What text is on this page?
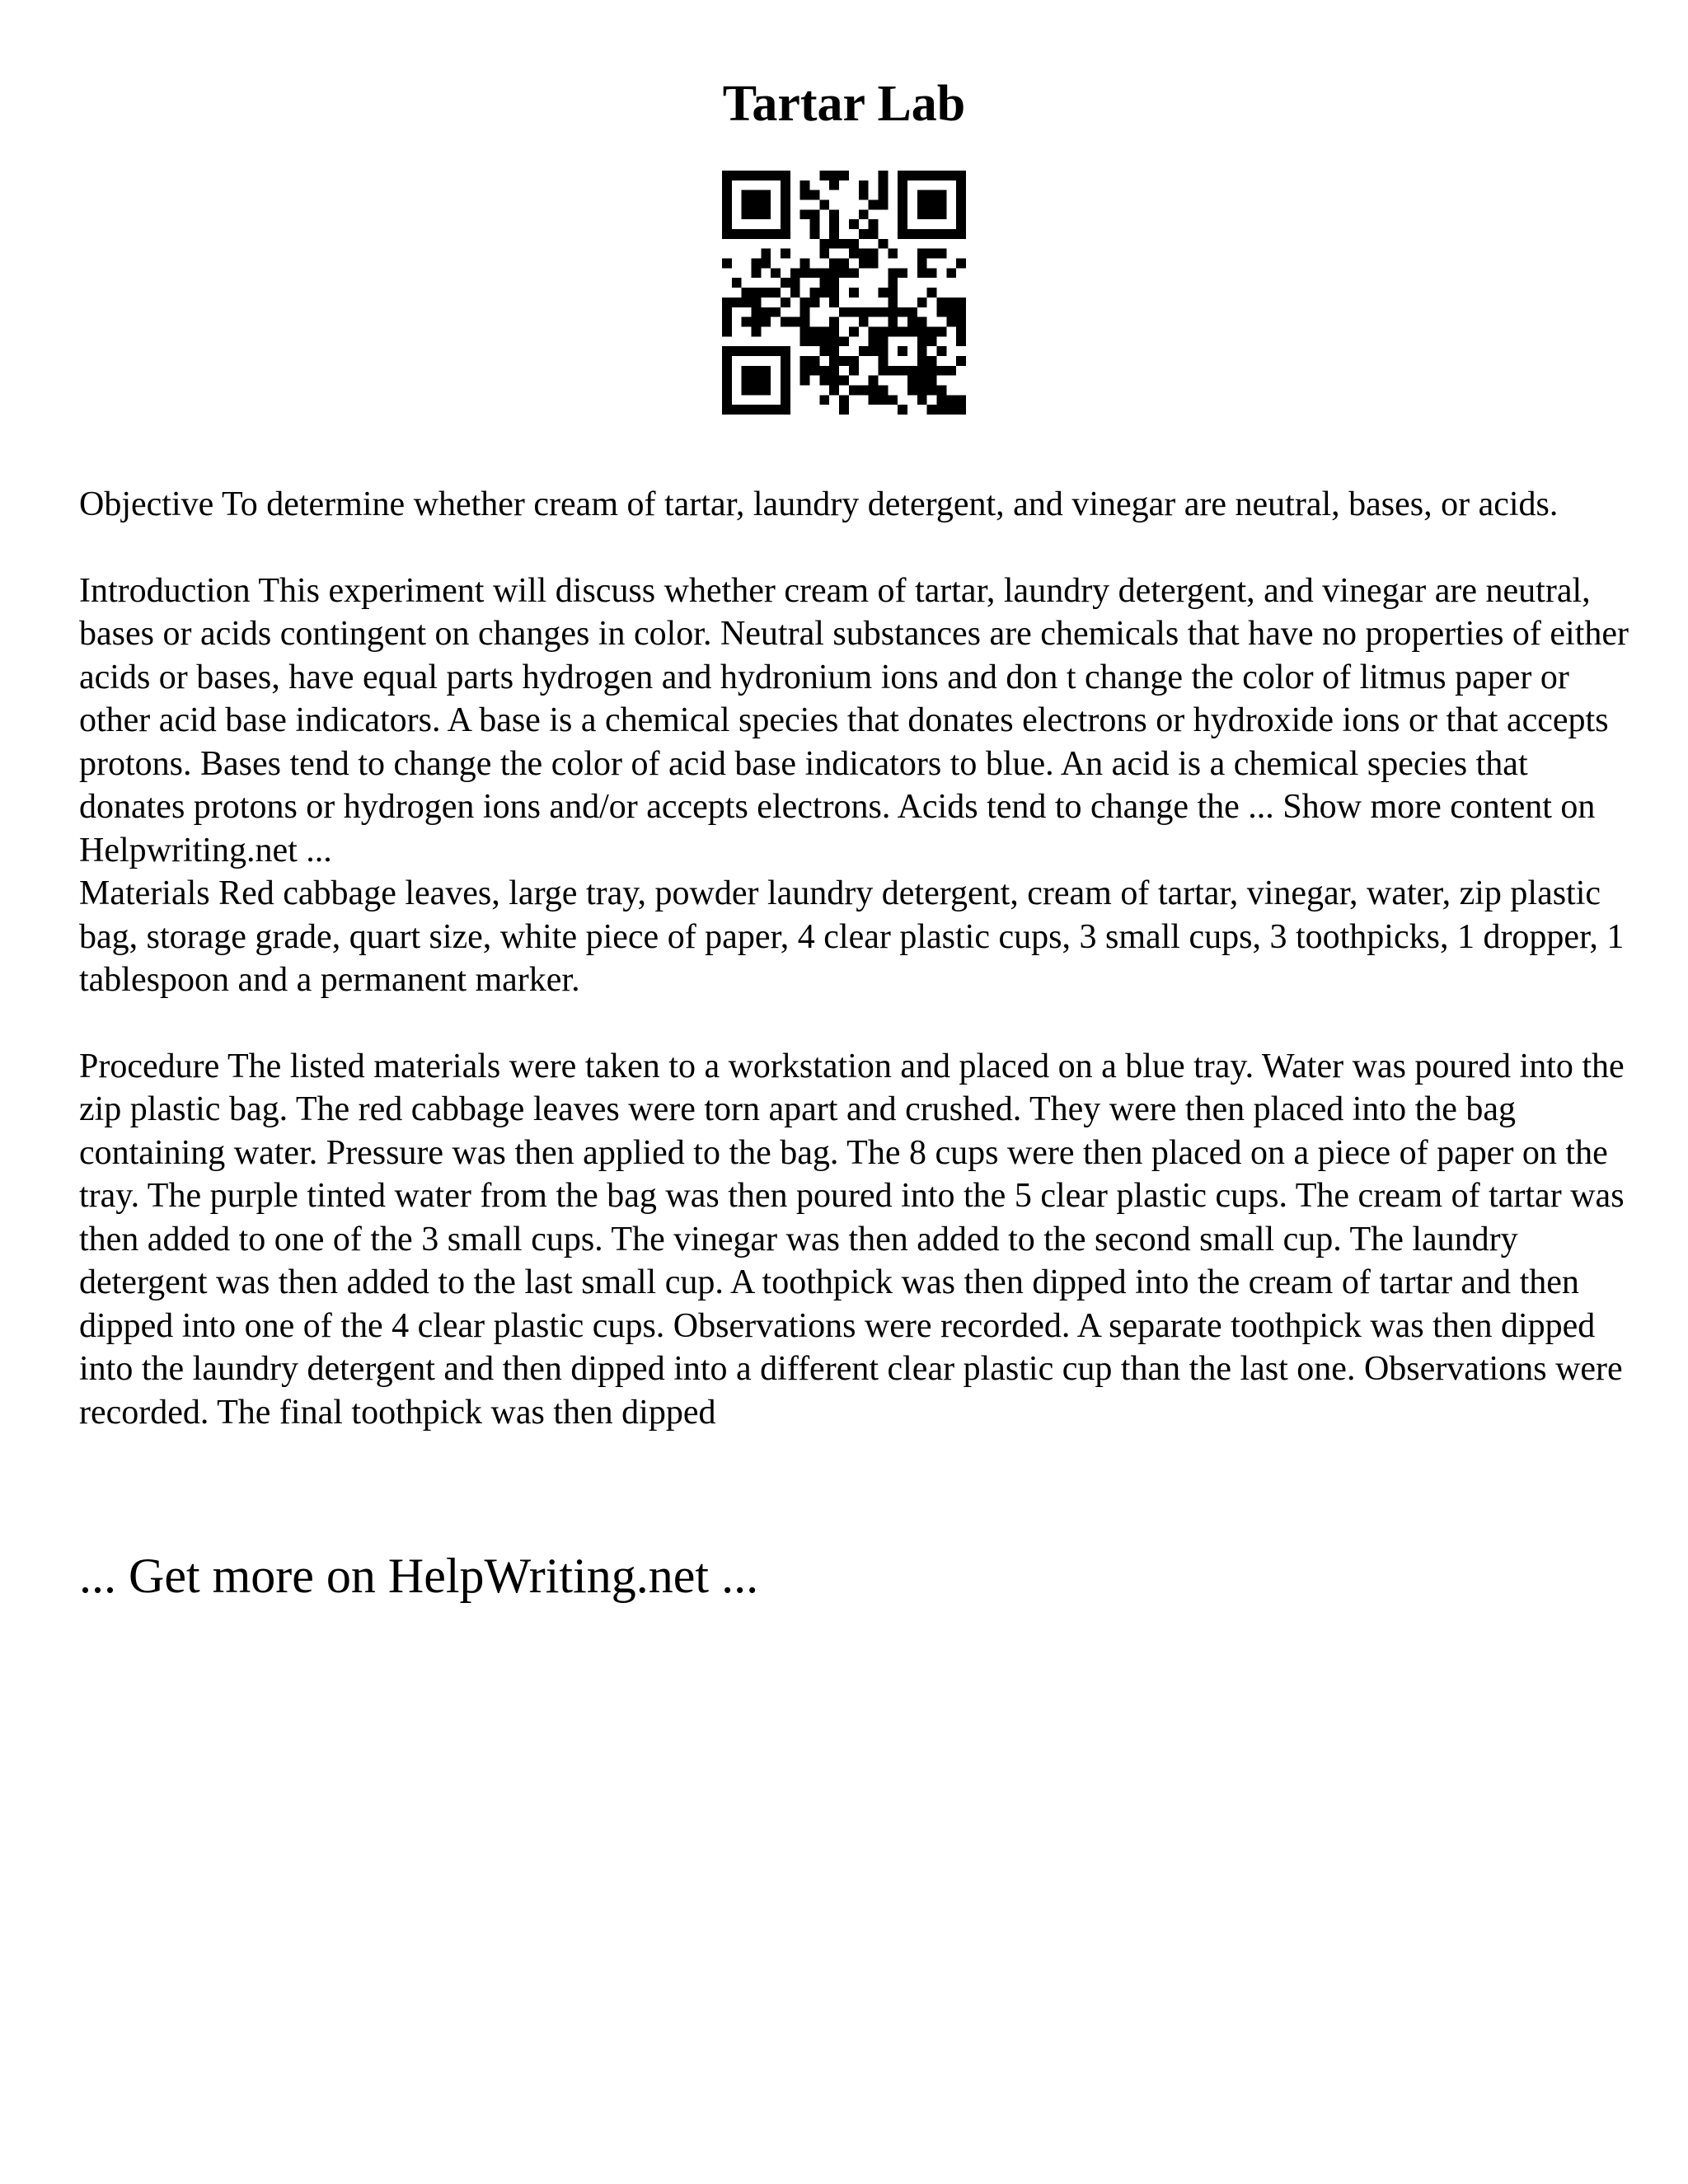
Tartar Lab

Objective To determine whether cream of tartar, laundry detergent, and vinegar are neutral, bases, or acids.

Introduction This experiment will discuss whether cream of tartar, laundry detergent, and vinegar are neutral, bases or acids contingent on changes in color. Neutral substances are chemicals that have no properties of either acids or bases, have equal parts hydrogen and hydronium ions and don t change the color of litmus paper or other acid base indicators. A base is a chemical species that donates electrons or hydroxide ions or that accepts protons. Bases tend to change the color of acid base indicators to blue. An acid is a chemical species that donates protons or hydrogen ions and/or accepts electrons. Acids tend to change the ... Show more content on Helpwriting.net ...

Materials Red cabbage leaves, large tray, powder laundry detergent, cream of tartar, vinegar, water, zip plastic bag, storage grade, quart size, white piece of paper, 4 clear plastic cups, 3 small cups, 3 toothpicks, 1 dropper, 1 tablespoon and a permanent marker.

Procedure The listed materials were taken to a workstation and placed on a blue tray. Water was poured into the zip plastic bag. The red cabbage leaves were torn apart and crushed. They were then placed into the bag containing water. Pressure was then applied to the bag. The 8 cups were then placed on a piece of paper on the tray. The purple tinted water from the bag was then poured into the 5 clear plastic cups. The cream of tartar was then added to one of the 3 small cups. The vinegar was then added to the second small cup. The laundry detergent was then added to the last small cup. A toothpick was then dipped into the cream of tartar and then dipped into one of the 4 clear plastic cups. Observations were recorded. A separate toothpick was then dipped into the laundry detergent and then dipped into a different clear plastic cup than the last one. Observations were recorded. The final toothpick was then dipped

... Get more on HelpWriting.net ...
